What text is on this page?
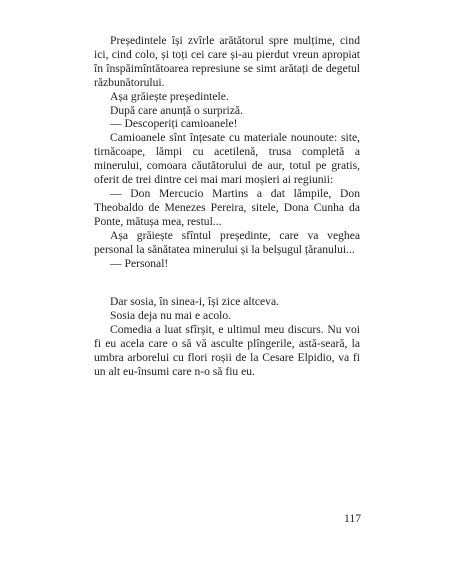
Președintele își zvîrle arătătorul spre mulțime, cind ici, cind colo, și toți cei care și-au pierdut vreun apropiat în înspăimîntătoarea represiune se simt arătați de degetul răzbunătorului.

Așa grăiește președintele.

După care anunță o surpriză.

— Descoperiți camioanele!

Camioanele sînt înțesate cu materiale nounoute: site, tirnăcoape, lămpi cu acetilenă, trusa completă a minerului, comoara căutătorului de aur, totul pe gratis, oferit de trei dintre cei mai mari moșieri ai regiunii:

— Don Mercucio Martins a dat lămpile, Don Theobaldo de Menezes Pereira, sitele, Dona Cunha da Ponte, mătușa mea, restul...

Așa grăiește sfîntul președinte, care va veghea personal la sănătatea minerului și la belșugul țăranului...

— Personal!

Dar sosia, în sinea-i, își zice altceva.

Sosia deja nu mai e acolo.

Comedia a luat sfîrșit, e ultimul meu discurs. Nu voi fi eu acela care o să vă asculte plîngerile, astă-seară, la umbra arborelui cu flori roșii de la Cesare Elpidio, va fi un alt eu-însumi care n-o să fiu eu.

117
